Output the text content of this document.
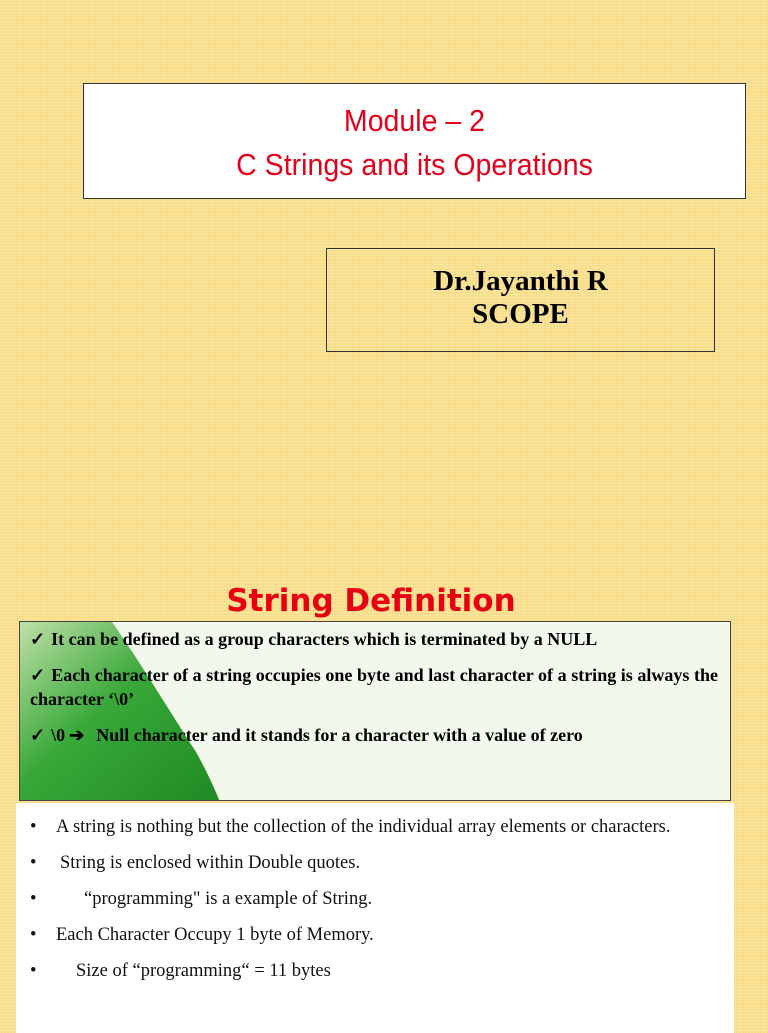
Module – 2
C Strings and its Operations
Dr.Jayanthi R
SCOPE
String Definition
✓ It can be defined as a group characters which is terminated by a NULL
✓ Each character of a string occupies one byte and last character of a string is always the character ‘\0’
✓ \0 ➔ Null character and it stands for a character with a value of zero
• A string is nothing but the collection of the individual array elements or characters.
• String is enclosed within Double quotes.
•	“programming" is a example of String.
• Each Character Occupy 1 byte of Memory.
• Size of “programming“ = 11 bytes
